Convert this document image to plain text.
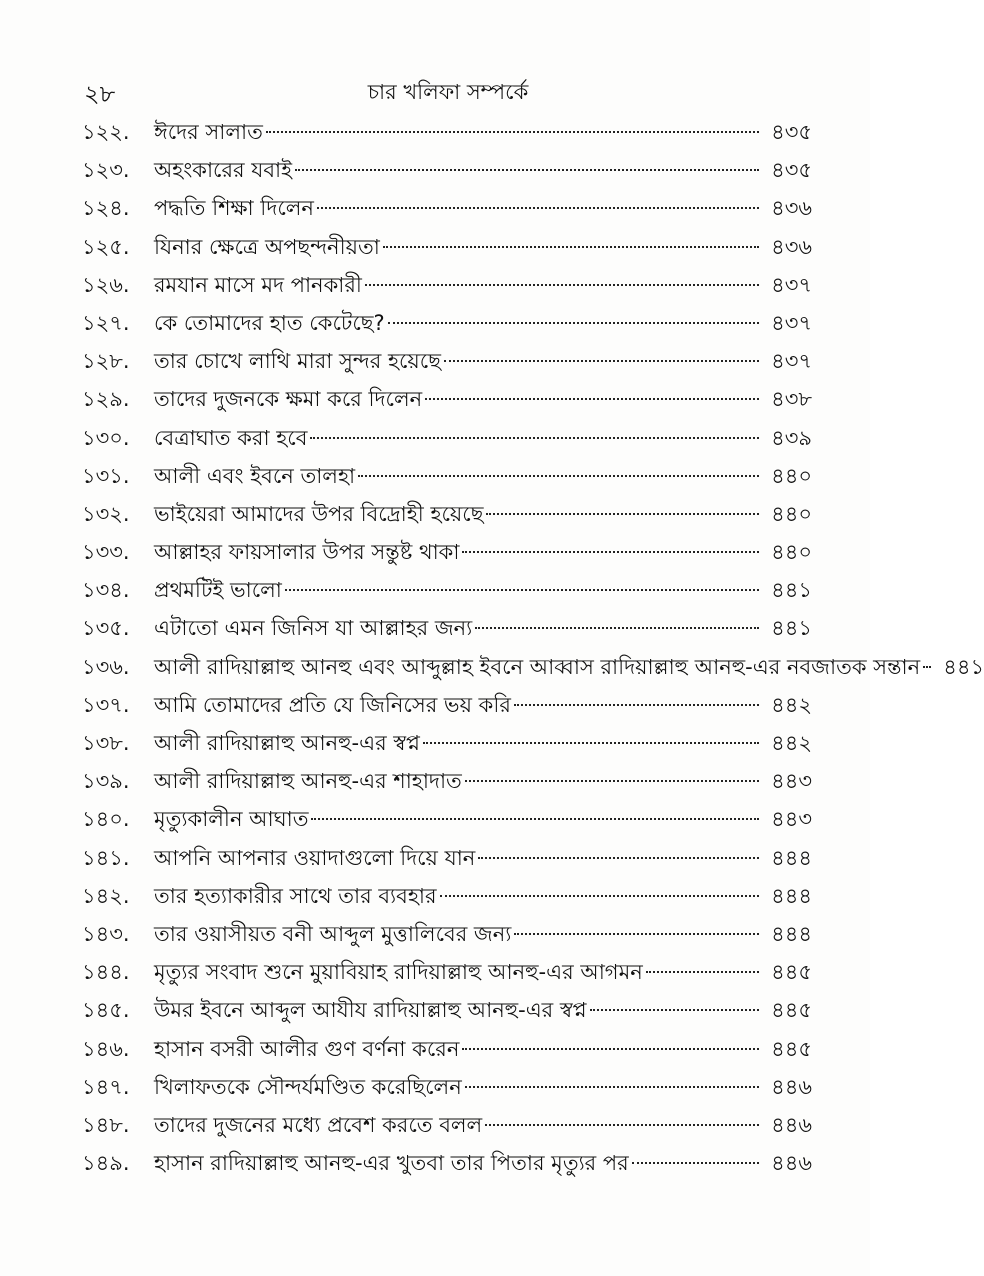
২৮	চার খলিফা সম্পর্কে
১২২.	ঈদের সালাত	৪৩৫
১২৩.	অহংকারের যবাই	৪৩৫
১২৪.	পদ্ধতি শিক্ষা দিলেন	৪৩৬
১২৫.	যিনার ক্ষেত্রে অপছন্দনীয়তা	৪৩৬
১২৬.	রমযান মাসে মদ পানকারী	৪৩৭
১২৭.	কে তোমাদের হাত কেটেছে?	৪৩৭
১২৮.	তার চোখে লাথি মারা সুন্দর হয়েছে	৪৩৭
১২৯.	তাদের দুজনকে ক্ষমা করে দিলেন	৪৩৮
১৩০.	বেত্রাঘাত করা হবে	৪৩৯
১৩১.	আলী এবং ইবনে তালহা	৪৪০
১৩২.	ভাইয়েরা আমাদের উপর বিদ্রোহী হয়েছে	৪৪০
১৩৩.	আল্লাহর ফায়সালার উপর সন্তুষ্ট থাকা	৪৪০
১৩৪.	প্রথমটিই ভালো	৪৪১
১৩৫.	এটাতো এমন জিনিস যা আল্লাহর জন্য	৪৪১
১৩৬.	আলী রাদিয়াল্লাহু আনহু এবং আব্দুল্লাহ ইবনে আব্বাস রাদিয়াল্লাহু আনহু-এর নবজাতক সন্তান	৪৪১
১৩৭.	আমি তোমাদের প্রতি যে জিনিসের ভয় করি	৪৪২
১৩৮.	আলী রাদিয়াল্লাহু আনহু-এর স্বপ্ন	৪৪২
১৩৯.	আলী রাদিয়াল্লাহু আনহু-এর শাহাদাত	৪৪৩
১৪০.	মৃত্যুকালীন আঘাত	৪৪৩
১৪১.	আপনি আপনার ওয়াদাগুলো দিয়ে যান	৪৪৪
১৪২.	তার হত্যাকারীর সাথে তার ব্যবহার	৪৪৪
১৪৩.	তার ওয়াসীয়ত বনী আব্দুল মুত্তালিবের জন্য	৪৪৪
১৪৪.	মৃত্যুর সংবাদ শুনে মুয়াবিয়াহ রাদিয়াল্লাহু আনহু-এর আগমন	৪৪৫
১৪৫.	উমর ইবনে আব্দুল আযীয রাদিয়াল্লাহু আনহু-এর স্বপ্ন	৪৪৫
১৪৬.	হাসান বসরী আলীর গুণ বর্ণনা করেন	৪৪৫
১৪৭.	খিলাফতকে সৌন্দর্যমণ্ডিত করেছিলেন	৪৪৬
১৪৮.	তাদের দুজনের মধ্যে প্রবেশ করতে বলল	৪৪৬
১৪৯.	হাসান রাদিয়াল্লাহু আনহু-এর খুতবা তার পিতার মৃত্যুর পর	৪৪৬
